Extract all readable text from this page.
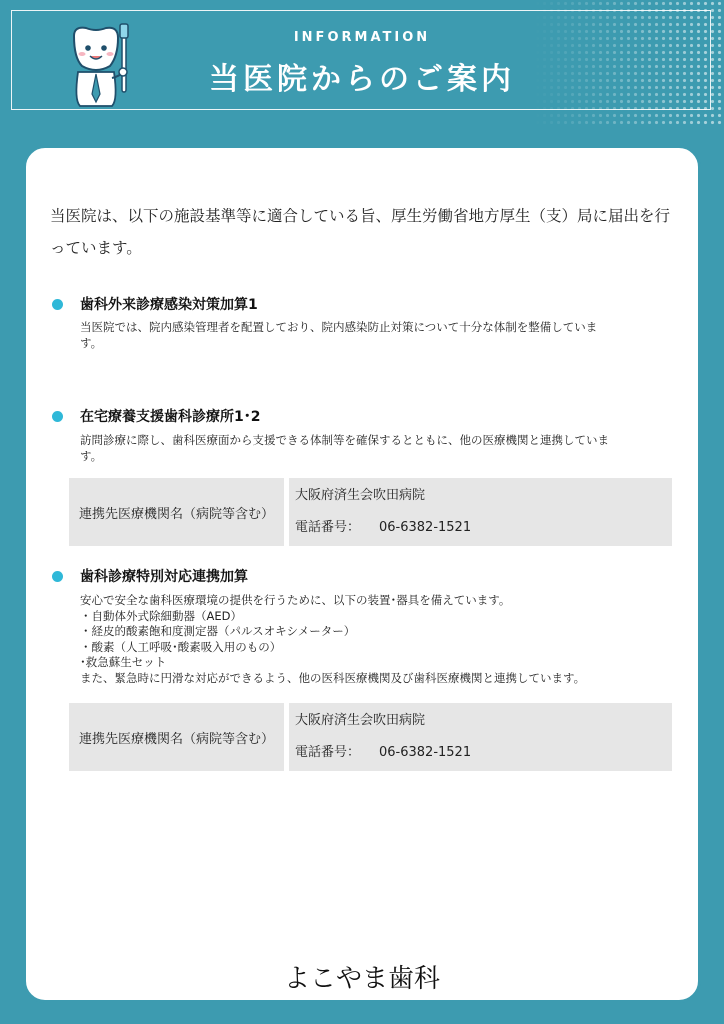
INFORMATION
当医院からのご案内
当医院は、以下の施設基準等に適合している旨、厚生労働省地方厚生（支）局に届出を行っています。
歯科外来診療感染対策加算1
当医院では、院内感染管理者を配置しており、院内感染防止対策について十分な体制を整備していま
す。
在宅療養支援歯科診療所1･2
訪問診療に際し、歯科医療面から支援できる体制等を確保するとともに、他の医療機関と連携していま
す。
連携先医療機関名（病院等含む）
大阪府済生会吹田病院
電話番号： 06-6382-1521
歯科診療特別対応連携加算
安心で安全な歯科医療環境の提供を行うために、以下の装置･器具を備えています。
・自動体外式除細動器（AED）
・経皮的酸素飽和度測定器（パルスオキシメーター）
・酸素（人工呼吸･酸素吸入用のもの）
･救急蘇生セット
また、緊急時に円滑な対応ができるよう、他の医科医療機関及び歯科医療機関と連携しています。
連携先医療機関名（病院等含む）
大阪府済生会吹田病院
電話番号： 06-6382-1521
よこやま歯科
